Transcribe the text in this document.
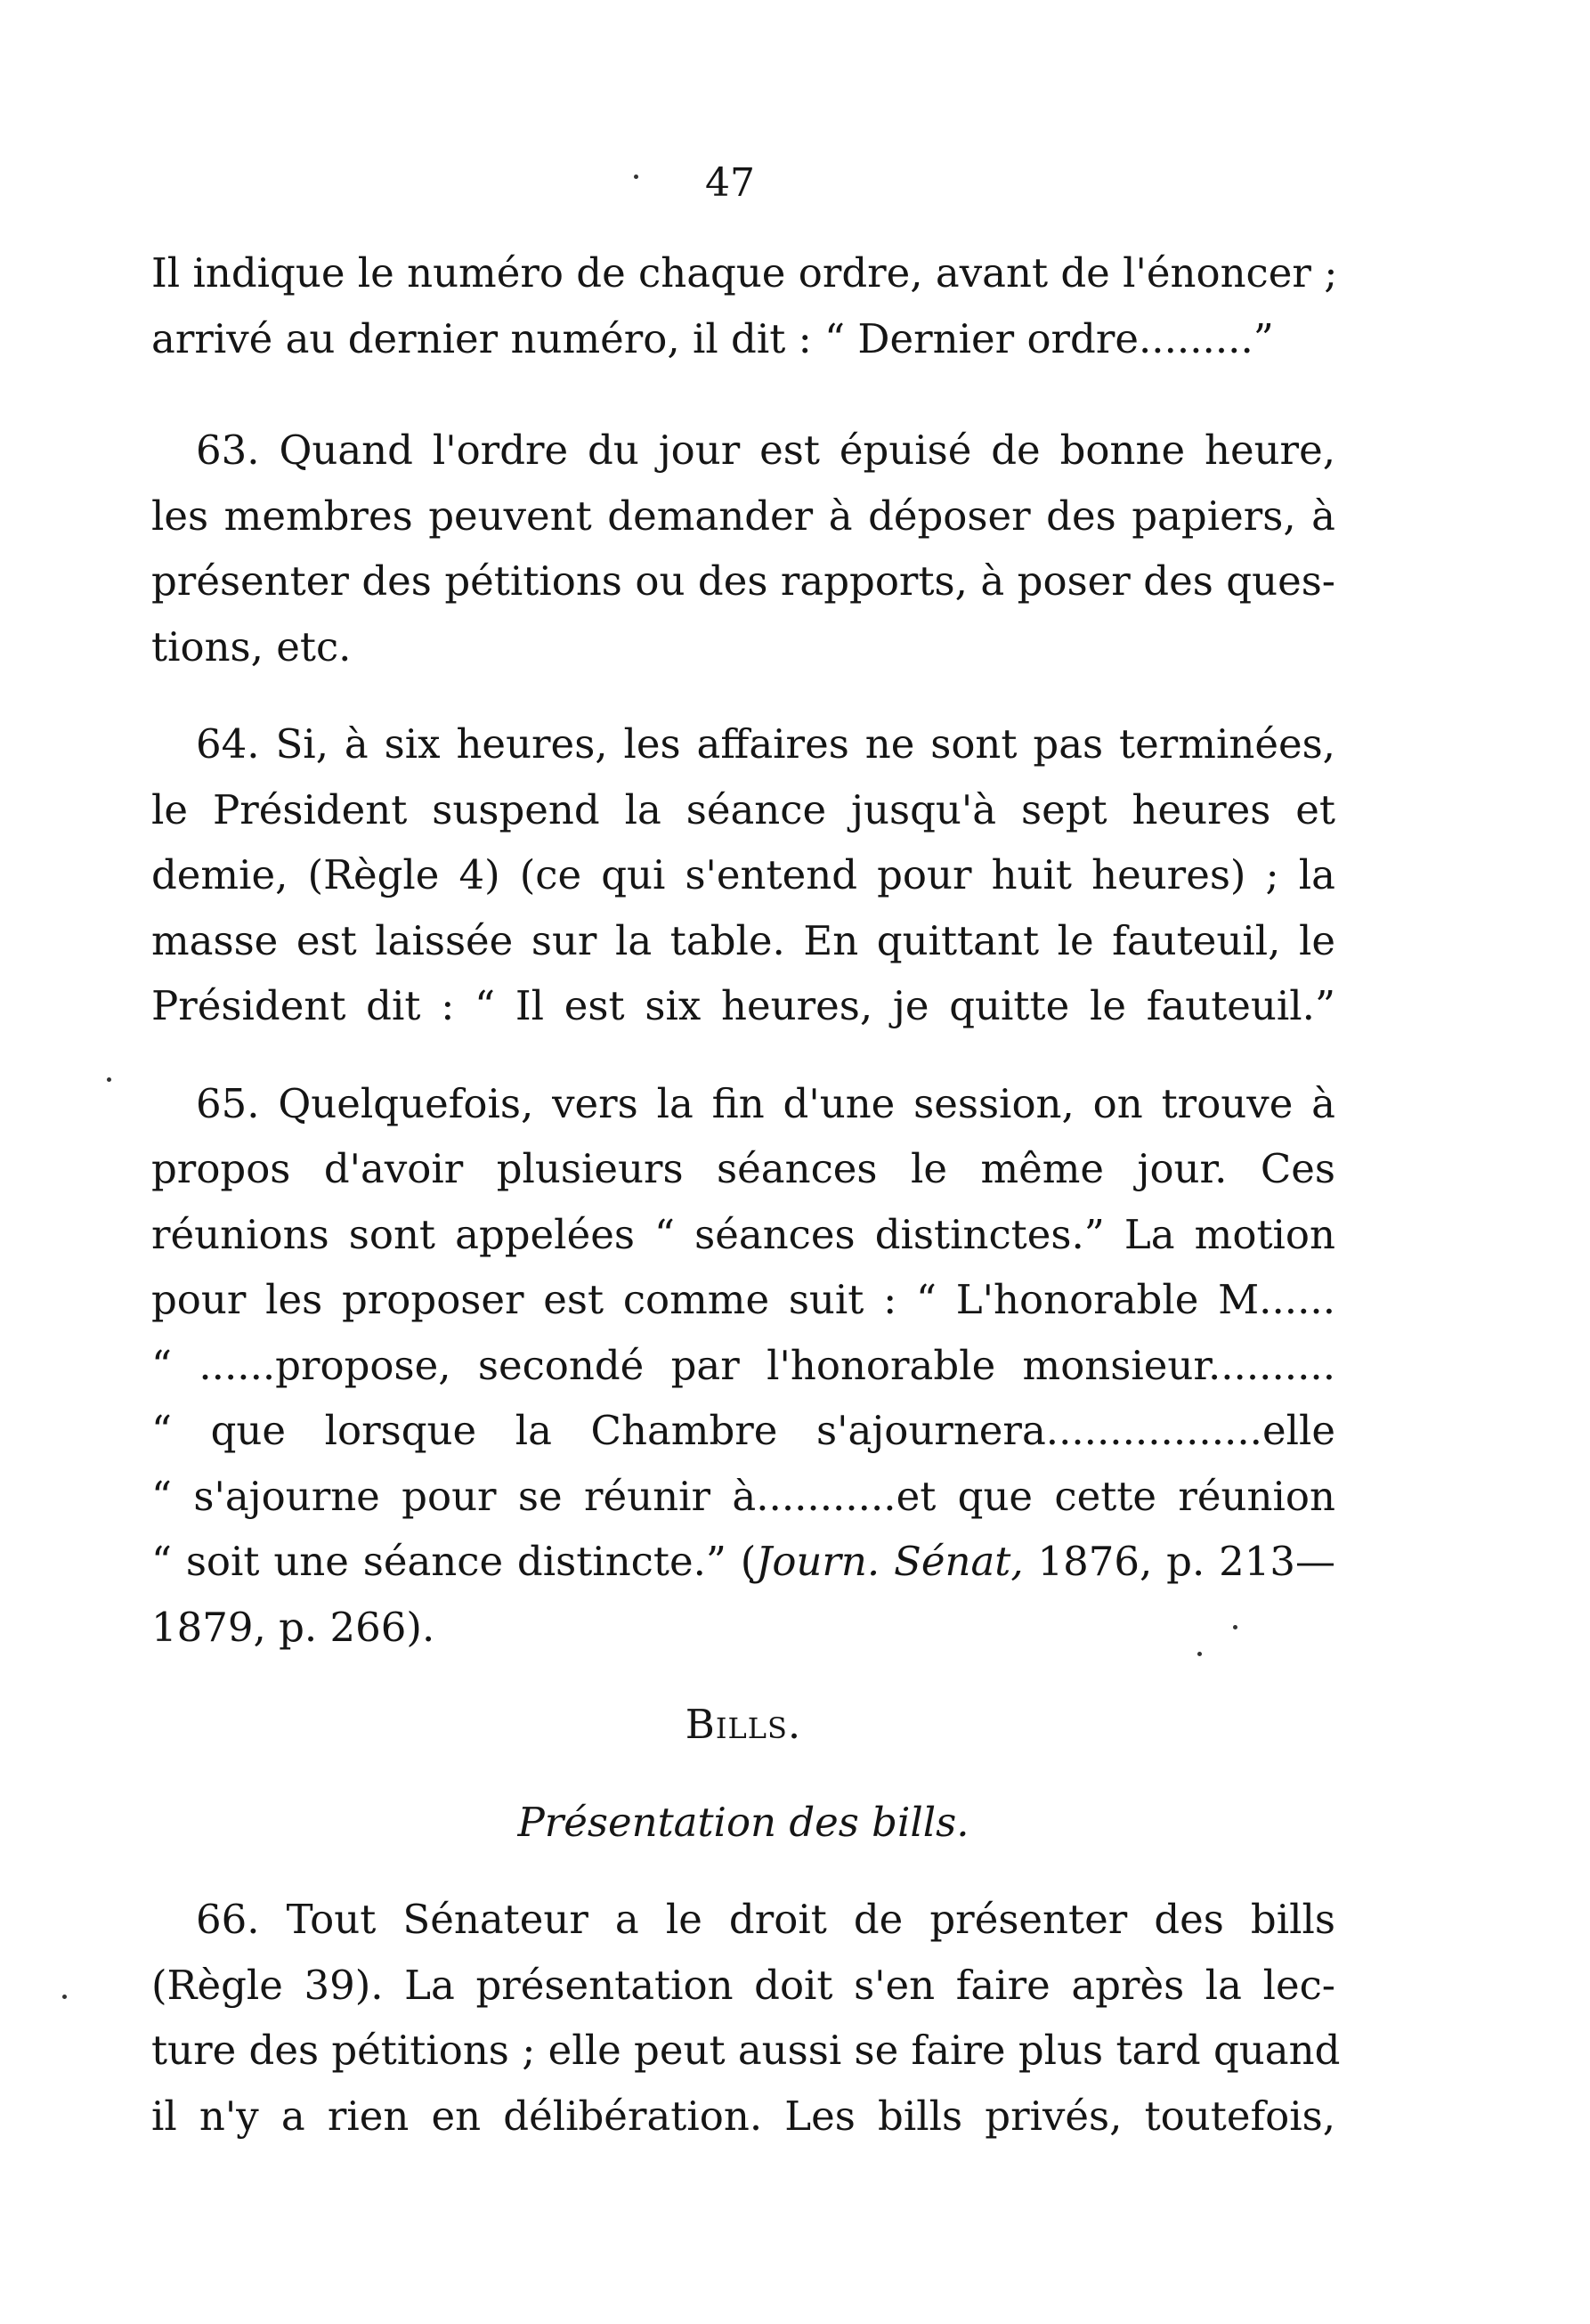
47
Il indique le numéro de chaque ordre, avant de l'énoncer ;
arrivé au dernier numéro, il dit : “ Dernier ordre.........”
63. Quand l'ordre du jour est épuisé de bonne heure,
les membres peuvent demander à déposer des papiers, à
présenter des pétitions ou des rapports, à poser des ques-
tions, etc.
64. Si, à six heures, les affaires ne sont pas terminées,
le Président suspend la séance jusqu'à sept heures et
demie, (Règle 4) (ce qui s'entend pour huit heures) ; la
masse est laissée sur la table. En quittant le fauteuil, le
Président dit : “ Il est six heures, je quitte le fauteuil.”
65. Quelquefois, vers la fin d'une session, on trouve à
propos d'avoir plusieurs séances le même jour. Ces
réunions sont appelées “ séances distinctes.” La motion
pour les proposer est comme suit : “ L'honorable M......
“ ......propose, secondé par l'honorable monsieur..........
“ que lorsque la Chambre s'ajournera.................elle
“ s'ajourne pour se réunir à...........et que cette réunion
“ soit une séance distincte.” (Journ. Sénat, 1876, p. 213—
1879, p. 266).
Bills.
Présentation des bills.
66. Tout Sénateur a le droit de présenter des bills
(Règle 39). La présentation doit s'en faire après la lec-
ture des pétitions ; elle peut aussi se faire plus tard quand
il n'y a rien en délibération. Les bills privés, toutefois,
